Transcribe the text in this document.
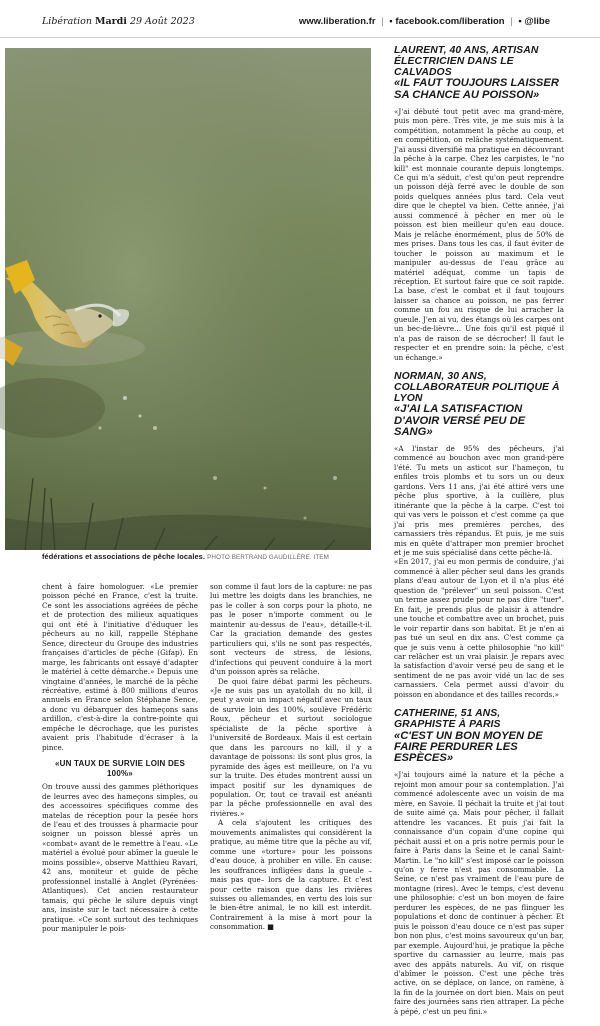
Libération Mardi 29 Août 2023	www.liberation.fr | ▪ facebook.com/liberation | ▪ @libe
fédérations et associations de pêche locales. PHOTO BERTRAND GAUDILLÈRE. ITEM

chent à faire homologuer. «Le premier poisson péché en France, c'est la truite. Ce sont les associations agréées de pêche et de protection des milieux aquatiques qui ont été à l'initiative d'éduquer les pêcheurs au no kill, rappelle Stéphane Sence, directeur du Groupe des industries françaises d'articles de pêche (Gifap). En marge, les fabricants ont essayé d'adapter le matériel à cette démarche.» Depuis une vingtaine d'années, le marché de la pêche récréative, estimé à 800 millions d'euros annuels en France selon Stéphane Sence, a donc vu débarquer des hameçons sans ardillon, c'est-à-dire la contre-pointe qui empêche le décrochage, que les puristes avaient pris l'habitude d'écraser à la pince.

«UN TAUX DE SURVIE LOIN DES 100%»

On trouve aussi des gammes pléthoriques de leurres avec des hameçons simples, ou des accessoires spécifiques comme des matelas de réception pour la pesée hors de l'eau et des trousses à pharmacie pour soigner un poisson blessé après un «combat» avant de le remettre à l'eau. «Le matériel a évolué pour abîmer la gueule le moins possible», observe Matthieu Ravari, 42 ans, moniteur et guide de pêche professionnel installé à Anglet (Pyrénées-Atlantiques). Cet ancien restaurateur tamais, qui pêche le silure depuis vingt ans, insiste sur le tact nécessaire à cette pratique. «Ce sont surtout des techniques pour manipuler le pois-

son comme il faut lors de la capture: ne pas lui mettre les doigts dans les branchies, ne pas le coller à son corps pour la photo, ne pas le poser n'importe comment ou le maintenir au-dessus de l'eau», détaille-t-il. Car la graciation demande des gestes particuliers qui, s'ils ne sont pas respectés, sont vecteurs de stress, de lésions, d'infections qui peuvent conduire à la mort d'un poisson après sa relâche.

De quoi faire débat parmi les pêcheurs. «Je ne suis pas un ayatollah du no kill, il peut y avoir un impact négatif avec un taux de survie loin des 100%, soulève Frédéric Roux, pêcheur et surtout sociologue spécialiste de la pêche sportive à l'université de Bordeaux. Mais il est certain que dans les parcours no kill, il y a davantage de poissons: ils sont plus gros, la pyramide des âges est meilleure, on l'a vu sur la truite. Des études montrent aussi un impact positif sur les dynamiques de population. Or, tout ce travail est anéanti par la pêche professionnelle en aval des rivières.»

A cela s'ajoutent les critiques des mouvements animalistes qui considèrent la pratique, au même titre que la pêche au vif, comme une «torture» pour les poissons d'eau douce, à prohiber en ville. En cause: les souffrances infligées dans la gueule –mais pas que– lors de la capture. Et c'est pour cette raison que dans les rivières suisses ou allemandes, en vertu des lois sur le bien-être animal, le no kill est interdit. Contrairement à la mise à mort pour la consommation. ■

LAURENT, 40 ANS, ARTISAN ÉLECTRICIEN DANS LE CALVADOS
«IL FAUT TOUJOURS LAISSER SA CHANCE AU POISSON»

«J'ai débuté tout petit avec ma grand-mère, puis mon père. Très vite, je me suis mis à la compétition, notamment la pêche au coup, et en compétition, on relâche systématiquement. J'ai aussi diversifié ma pratique en découvrant la pêche à la carpe. Chez les carpistes, le "no kill" est monnaie courante depuis longtemps. Ce qui m'a séduit, c'est qu'on peut reprendre un poisson déjà ferré avec le double de son poids quelques années plus tard. Cela veut dire que le cheptel va bien. Cette année, j'ai aussi commencé à pêcher en mer où le poisson est bien meilleur qu'en eau douce. Mais je relâche énormément, plus de 50% de mes prises. Dans tous les cas, il faut éviter de toucher le poisson au maximum et le manipuler au-dessus de l'eau grâce au matériel adéquat, comme un tapis de réception. Et surtout faire que ce soit rapide. La base, c'est le combat et il faut toujours laisser sa chance au poisson, ne pas ferrer comme un fou au risque de lui arracher la gueule. J'en ai vu, des étangs où les carpes ont un bec-de-lièvre… Une fois qu'il est piqué il n'a pas de raison de se décrocher! Il faut le respecter et en prendre soin: la pêche, c'est un échange.»

NORMAN, 30 ANS, COLLABORATEUR POLITIQUE À LYON
«J'AI LA SATISFACTION D'AVOIR VERSÉ PEU DE SANG»

«A l'instar de 95% des pêcheurs, j'ai commencé au bouchon avec mon grand-père l'été. Tu mets un asticot sur l'hameçon, tu enfiles trois plombs et tu sors un ou deux gardons. Vers 11 ans, j'ai été attiré vers une pêche plus sportive, à la cuillère, plus itinérante que la pêche à la carpe. C'est toi qui vas vers le poisson et c'est comme ça que j'ai pris mes premières perches, des carnassiers très répandus. Et puis, je me suis mis en quête d'attraper mon premier brochet et je me suis spécialisé dans cette pêche-là.

«En 2017, j'ai eu mon permis de conduire, j'ai commencé à aller pêcher seul dans les grands plans d'eau autour de Lyon et il n'a plus été question de "prélever" un seul poisson. C'est un terme assez prude pour ne pas dire "tuer". En fait, je prends plus de plaisir à attendre une touche et combattre avec un brochet, puis le voir repartir dans son habitat. Et je n'en ai pas tué un seul en dix ans. C'est comme ça que je suis venu à cette philosophie "no kill" car relâcher est un vrai plaisir. Je repars avec la satisfaction d'avoir versé peu de sang et le sentiment de ne pas avoir vidé un lac de ses carnassiers. Cela permet aussi d'avoir du poisson en abondance et des tailles records.»

CATHERINE, 51 ANS, GRAPHISTE À PARIS
«C'EST UN BON MOYEN DE FAIRE PERDURER LES ESPÈCES»

«J'ai toujours aimé la nature et la pêche a rejoint mon amour pour sa contemplation. J'ai commencé adolescente avec un voisin de ma mère, en Savoie. Il péchait la truite et j'ai tout de suite aimé ça. Mais pour pêcher, il fallait attendre les vacances. Et puis j'ai fait la connaissance d'un copain d'une copine qui péchait aussi et on a pris notre permis pour le faire à Paris dans la Seine et le canal Saint-Martin. Le "no kill" s'est imposé car le poisson qu'on y ferre n'est pas consommable. La Seine, ce n'est pas vraiment de l'eau pure de montagne (rires). Avec le temps, c'est devenu une philosophie: c'est un bon moyen de faire perdurer les espèces, de ne pas flinguer les populations et donc de continuer à pêcher. Et puis le poisson d'eau douce ce n'est pas super bon non plus, c'est moins savoureux qu'un bar, par exemple. Aujourd'hui, je pratique la pêche sportive du carnassier au leurre, mais pas avec des appâts naturels. Au vif, on risque d'abîmer le poisson. C'est une pêche très active, on se déplace, on lance, on ramène, à la fin de la journée on dort bien. Mais on peut faire des journées sans rien attraper. La pêche à pépé, c'est un peu fini.»
